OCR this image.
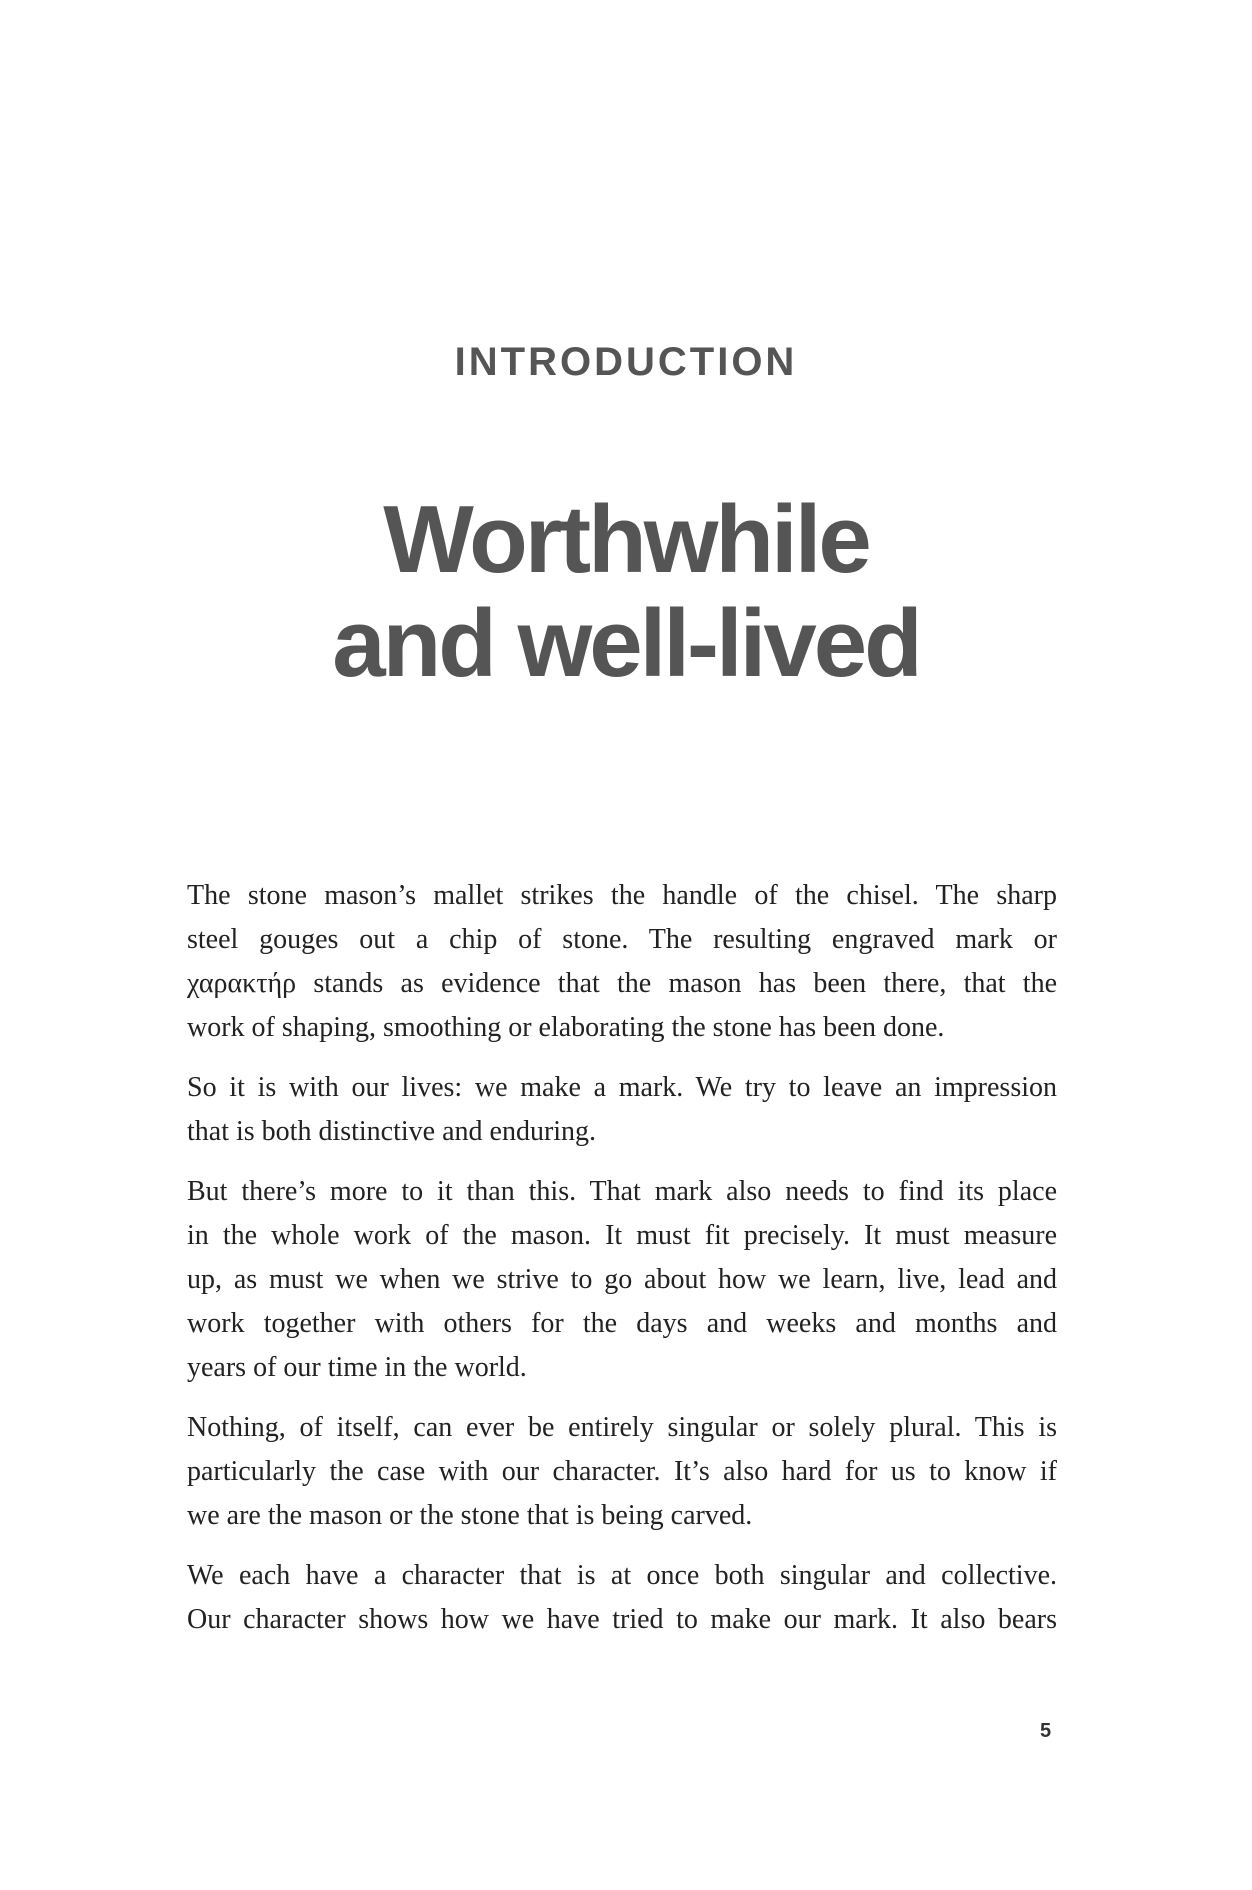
INTRODUCTION
Worthwhile
and well-lived
The stone mason’s mallet strikes the handle of the chisel. The sharp
steel gouges out a chip of stone. The resulting engraved mark or
χαρακτήρ stands as evidence that the mason has been there, that the
work of shaping, smoothing or elaborating the stone has been done.
So it is with our lives: we make a mark. We try to leave an impression
that is both distinctive and enduring.
But there’s more to it than this. That mark also needs to find its place
in the whole work of the mason. It must fit precisely. It must measure
up, as must we when we strive to go about how we learn, live, lead and
work together with others for the days and weeks and months and
years of our time in the world.
Nothing, of itself, can ever be entirely singular or solely plural. This is
particularly the case with our character. It’s also hard for us to know if
we are the mason or the stone that is being carved.
We each have a character that is at once both singular and collective.
Our character shows how we have tried to make our mark. It also bears
5
